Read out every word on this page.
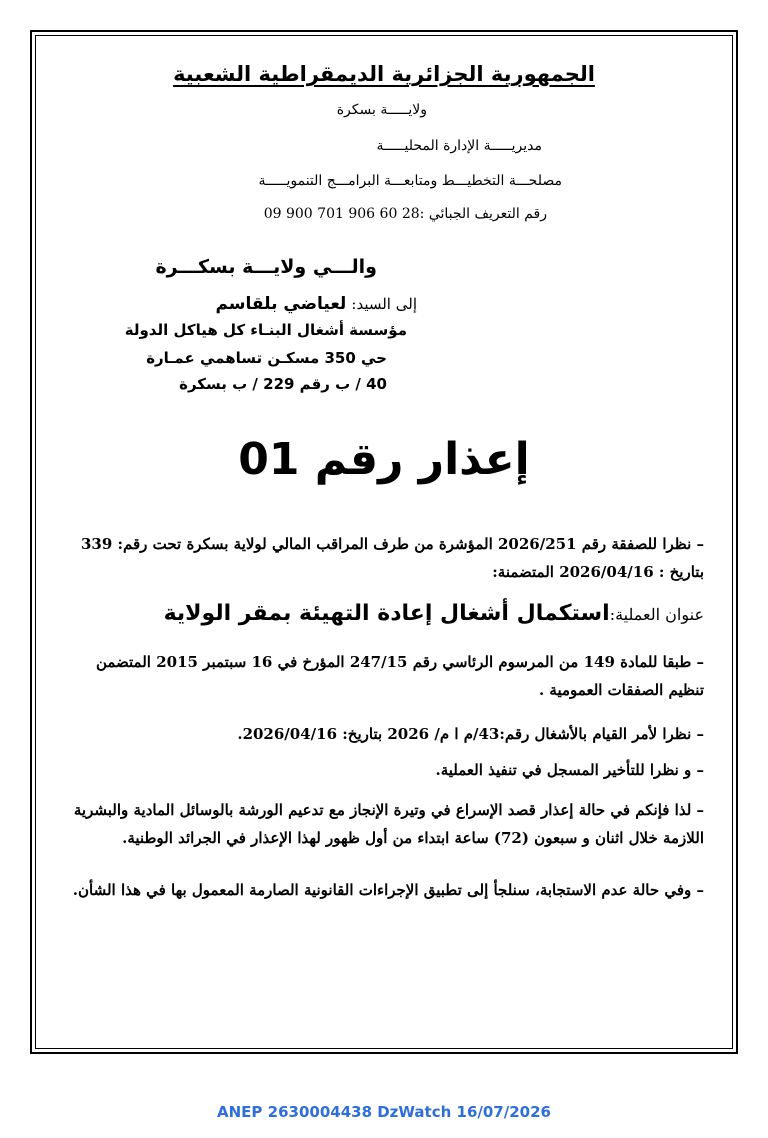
الجمهورية الجزائرية الديمقراطية الشعبية
ولايـــــة بسكرة
مديريـــــة الإدارة المحليـــــة
مصلحـــة التخطيـــط ومتابعـــة البرامـــج التنمويـــــة
رقم التعريف الجبائي :28 60 906 701 900 09
والـــي ولايـــة بسكـــرة
إلى السيد: لعياضي بلقاسم
مؤسسة أشغال البنـاء كل هياكل الدولة
حي 350 مسكـن تساهمي عمـارة
40 / ب رقم 229 / ب بسكرة
إعذار رقم 01
– نظرا للصفقة رقم 2026/251 المؤشرة من طرف المراقب المالي لولاية بسكرة تحت رقم: 339 بتاريخ : 2026/04/16 المتضمنة:
عنوان العملية:استكمال أشغال إعادة التهيئة بمقر الولاية
– طبقا للمادة 149 من المرسوم الرئاسي رقم 247/15 المؤرخ في 16 سبتمبر 2015 المتضمن تنظيم الصفقات العمومية .
– نظرا لأمر القيام بالأشغال رقم:43/م ا م/ 2026 بتاريخ: 2026/04/16.
– و نظرا للتأخير المسجل في تنفيذ العملية.
– لذا فإنكم في حالة إعذار قصد الإسراع في وتيرة الإنجاز مع تدعيم الورشة بالوسائل المادية والبشرية اللازمة خلال اثنان و سبعون (72) ساعة ابتداء من أول ظهور لهذا الإعذار في الجرائد الوطنية.
– وفي حالة عدم الاستجابة، سنلجأ إلى تطبيق الإجراءات القانونية الصارمة المعمول بها في هذا الشأن.
ANEP 2630004438 DzWatch 16/07/2026
